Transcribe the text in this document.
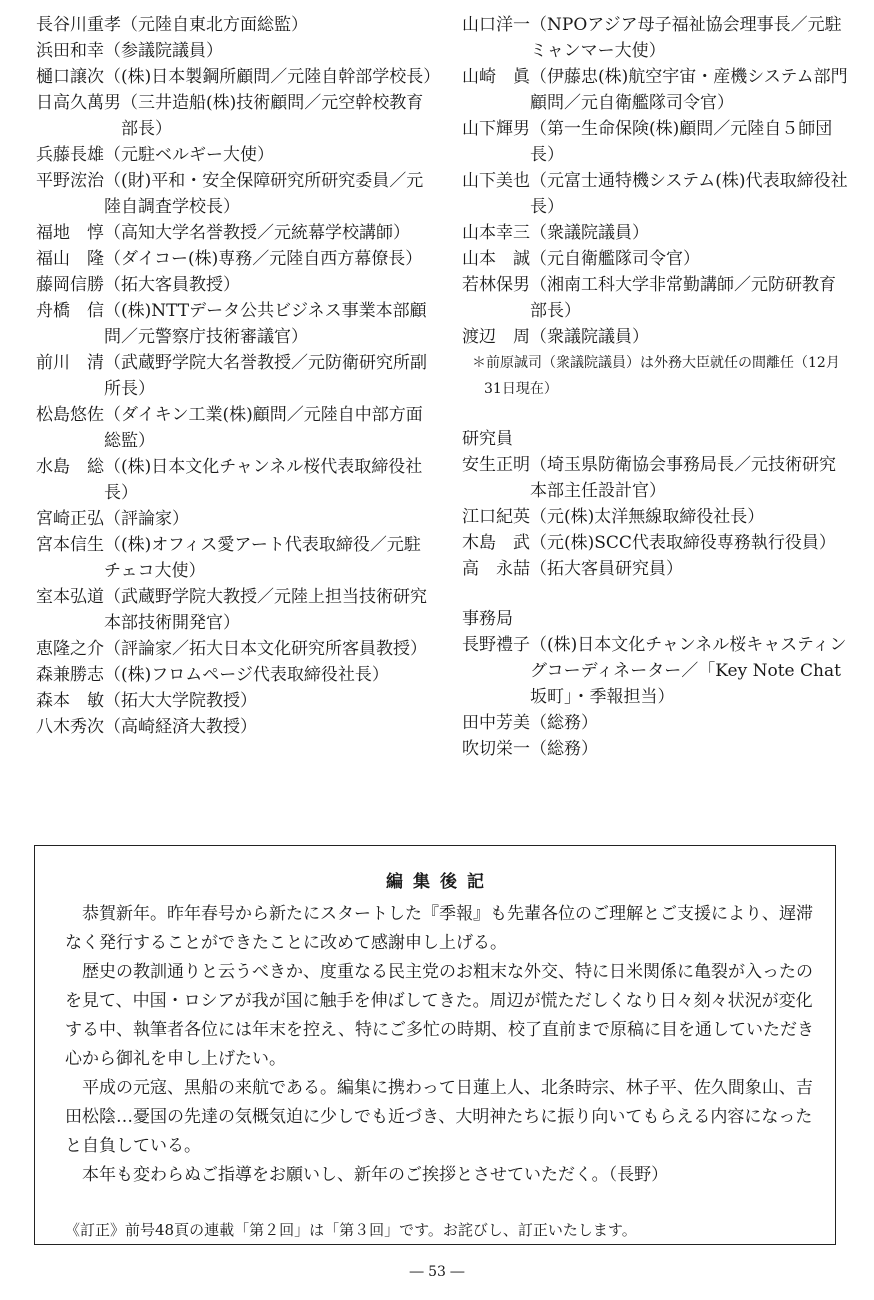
長谷川重孝 （元陸自東北方面総監）
浜田和幸 （参議院議員）
樋口譲次 （(株)日本製鋼所顧問／元陸自幹部学校長）
日高久萬男 （三井造船(株)技術顧問／元空幹校教育部長）
兵藤長雄 （元駐ベルギー大使）
平野浤治 （(財)平和・安全保障研究所研究委員／元陸自調査学校長）
福地　惇 （高知大学名誉教授／元統幕学校講師）
福山　隆 （ダイコー(株)専務／元陸自西方幕僚長）
藤岡信勝 （拓大客員教授）
舟橋　信 （(株)NTTデータ公共ビジネス事業本部顧問／元警察庁技術審議官）
前川　清 （武蔵野学院大名誉教授／元防衛研究所副所長）
松島悠佐 （ダイキン工業(株)顧問／元陸自中部方面総監）
水島　総 （(株)日本文化チャンネル桜代表取締役社長）
宮崎正弘 （評論家）
宮本信生 （(株)オフィス愛アート代表取締役／元駐チェコ大使）
室本弘道 （武蔵野学院大教授／元陸上担当技術研究本部技術開発官）
恵隆之介 （評論家／拓大日本文化研究所客員教授）
森兼勝志 （(株)フロムページ代表取締役社長）
森本　敏 （拓大大学院教授）
八木秀次 （高崎経済大教授）
山口洋一 （NPOアジア母子福祉協会理事長／元駐ミャンマー大使）
山崎　眞 （伊藤忠(株)航空宇宙・産機システム部門顧問／元自衛艦隊司令官）
山下輝男 （第一生命保険(株)顧問／元陸自５師団長）
山下美也 （元富士通特機システム(株)代表取締役社長）
山本幸三 （衆議院議員）
山本　誠 （元自衛艦隊司令官）
若林保男 （湘南工科大学非常勤講師／元防研教育部長）
渡辺　周 （衆議院議員）
＊前原誠司（衆議院議員）は外務大臣就任の間離任（12月31日現在）
研究員
安生正明 （埼玉県防衛協会事務局長／元技術研究本部主任設計官）
江口紀英 （元(株)太洋無線取締役社長）
木島　武 （元(株)SCC代表取締役専務執行役員）
高　永喆 （拓大客員研究員）
事務局
長野禮子 （(株)日本文化チャンネル桜キャスティングコーディネーター／「Key Note Chat 坂町」・季報担当）
田中芳美 （総務）
吹切栄一 （総務）
編集後記

恭賀新年。昨年春号から新たにスタートした『季報』も先輩各位のご理解とご支援により、遅滞なく発行することができたことに改めて感謝申し上げる。

歴史の教訓通りと云うべきか、度重なる民主党のお粗末な外交、特に日米関係に亀裂が入ったのを見て、中国・ロシアが我が国に触手を伸ばしてきた。周辺が慌ただしくなり日々刻々状況が変化する中、執筆者各位には年末を控え、特にご多忙の時期、校了直前まで原稿に目を通していただき心から御礼を申し上げたい。

平成の元寇、黒船の来航である。編集に携わって日蓮上人、北条時宗、林子平、佐久間象山、吉田松陰…憂国の先達の気概気迫に少しでも近づき、大明神たちに振り向いてもらえる内容になったと自負している。

本年も変わらぬご指導をお願いし、新年のご挨拶とさせていただく。（長野）

《訂正》前号48頁の連載「第２回」は「第３回」です。お詫びし、訂正いたします。
― 53 ―
